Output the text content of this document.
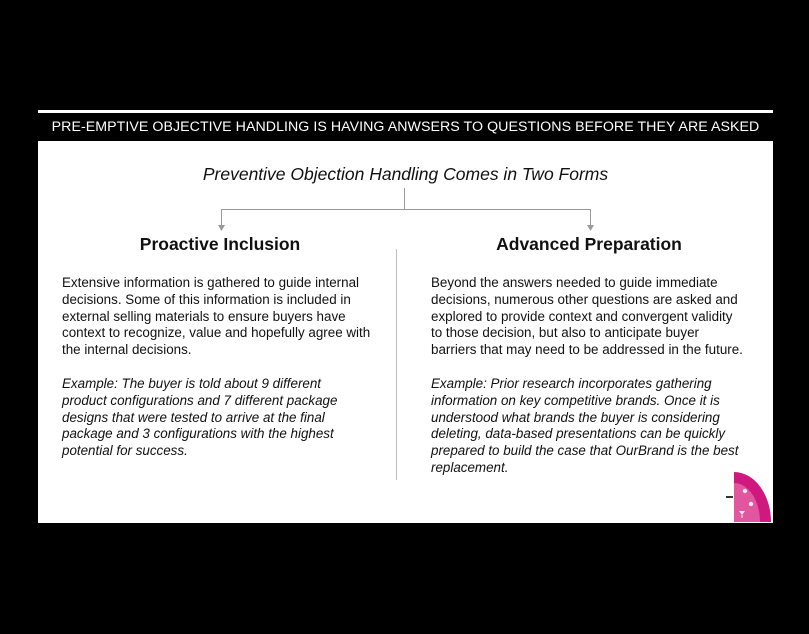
PRE-EMPTIVE OBJECTIVE HANDLING IS HAVING ANWSERS TO QUESTIONS BEFORE THEY ARE ASKED
Preventive Objection Handling Comes in Two Forms
Proactive Inclusion	Advanced Preparation
Extensive information is gathered to guide internal
decisions. Some of this information is included in
external selling materials to ensure buyers have
context to recognize, value and hopefully agree with
the internal decisions.
Example: The buyer is told about 9 different
product configurations and 7 different package
designs that were tested to arrive at the final
package and 3 configurations with the highest
potential for success.
Beyond the answers needed to guide immediate
decisions, numerous other questions are asked and
explored to provide context and convergent validity
to those decision, but also to anticipate buyer
barriers that may need to be addressed in the future.
Example: Prior research incorporates gathering
information on key competitive brands. Once it is
understood what brands the buyer is considering
deleting, data-based presentations can be quickly
prepared to build the case that OurBrand is the best
replacement.
